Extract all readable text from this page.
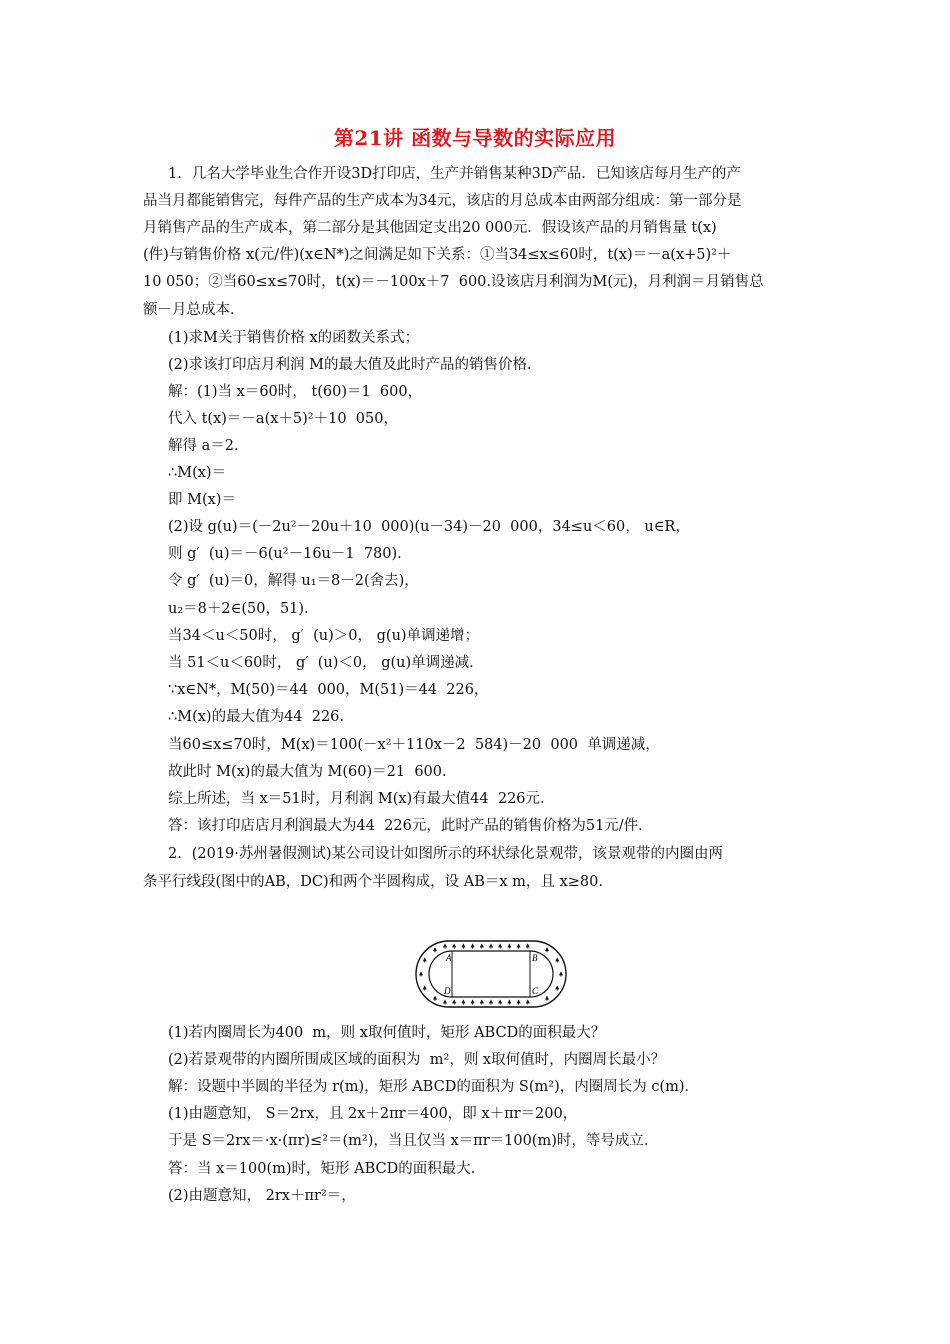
第21讲 函数与导数的实际应用
1．几名大学毕业生合作开设3D打印店，生产并销售某种3D产品．已知该店每月生产的产
品当月都能销售完，每件产品的生产成本为34元，该店的月总成本由两部分组成：第一部分是
月销售产品的生产成本，第二部分是其他固定支出20 000元．假设该产品的月销售量 t(x)
(件)与销售价格 x(元/件)(x∈N*)之间满足如下关系：①当34≤x≤60时，t(x)＝－a(x+5)²＋
10 050；②当60≤x≤70时，t(x)＝－100x＋7  600.设该店月利润为M(元)，月利润＝月销售总
额－月总成本．
(1)求M关于销售价格 x的函数关系式；
(2)求该打印店月利润 M的最大值及此时产品的销售价格．
解：(1)当 x＝60时， t(60)＝1  600，
代入 t(x)＝－a(x＋5)²＋10  050，
解得 a＝2.
∴M(x)＝
即 M(x)＝
(2)设 g(u)＝(－2u²－20u＋10  000)(u－34)－20  000，34≤u＜60， u∈R，
则 g′  (u)＝－6(u²－16u－1  780)．
令 g′  (u)＝0，解得 u₁＝8－2(舍去)，
u₂＝8＋2∈(50，51)．
当34＜u＜50时， g′  (u)＞0， g(u)单调递增；
当 51＜u＜60时， g′  (u)＜0， g(u)单调递减．
∵x∈N*，M(50)＝44  000，M(51)＝44  226，
∴M(x)的最大值为44  226.
当60≤x≤70时，M(x)＝100(－x²＋110x－2  584)－20  000  单调递减，
故此时 M(x)的最大值为 M(60)＝21  600.
综上所述，当 x＝51时，月利润 M(x)有最大值44  226元．
答：该打印店店月利润最大为44  226元，此时产品的销售价格为51元/件．
2．(2019·苏州暑假测试)某公司设计如图所示的环状绿化景观带，该景观带的内圈由两
条平行线段(图中的AB，DC)和两个半圆构成，设 AB＝x m，且 x≥80.
A	B
C
D
(1)若内圈周长为400  m，则 x取何值时，矩形 ABCD的面积最大？
(2)若景观带的内圈所围成区域的面积为  m²，则 x取何值时，内圈周长最小？
解：设题中半圆的半径为 r(m)，矩形 ABCD的面积为 S(m²)，内圈周长为 c(m)．
(1)由题意知， S＝2rx，且 2x＋2πr＝400，即 x＋πr＝200，
于是 S＝2rx＝·x·(πr)≤²＝(m²)，当且仅当 x＝πr＝100(m)时，等号成立．
答：当 x＝100(m)时，矩形 ABCD的面积最大．
(2)由题意知， 2rx＋πr²＝，
